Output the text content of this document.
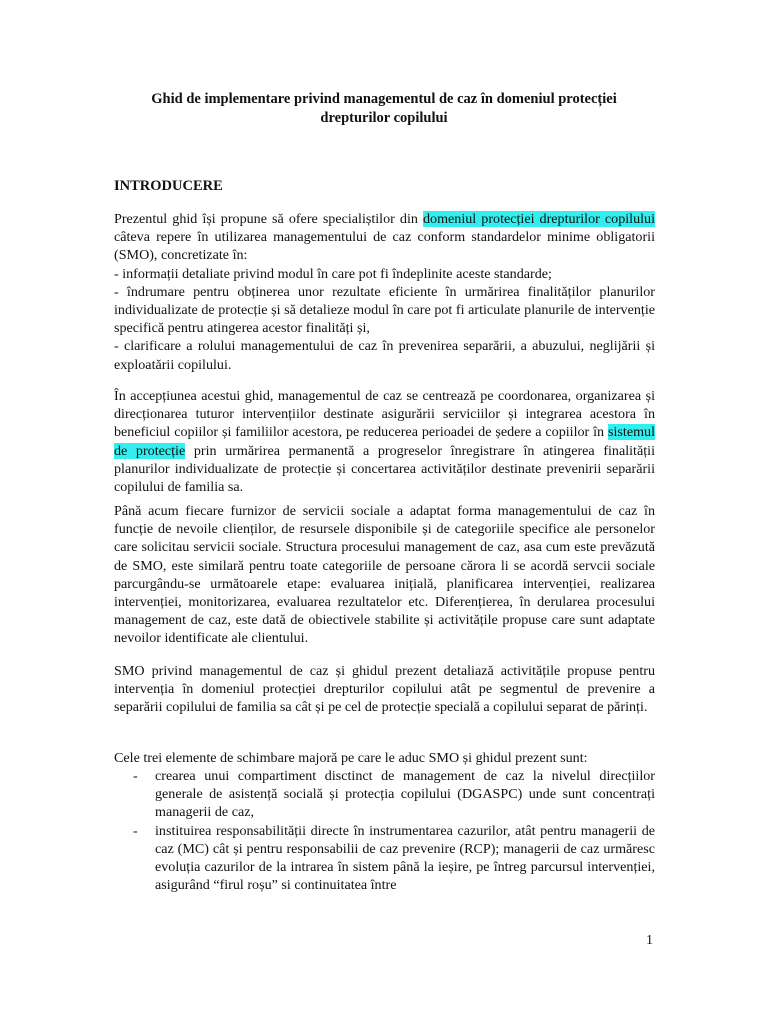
Ghid de implementare privind managementul de caz în domeniul protecției
drepturilor copilului
INTRODUCERE

Prezentul ghid își propune să ofere specialiștilor din domeniul protecției drepturilor copilului câteva repere în utilizarea managementului de caz conform standardelor minime obligatorii (SMO), concretizate în:

- informații detaliate privind modul în care pot fi îndeplinite aceste standarde;

- îndrumare pentru obținerea unor rezultate eficiente în urmărirea finalităților planurilor individualizate de protecție și să detalieze modul în care pot fi articulate planurile de intervenție specifică pentru atingerea acestor finalități și,

- clarificare a rolului managementului de caz în prevenirea separării, a abuzului, neglijării și exploatării copilului.

În accepțiunea acestui ghid, managementul de caz se centrează pe coordonarea, organizarea și direcționarea tuturor intervențiilor destinate asigurării serviciilor și integrarea acestora în beneficiul copiilor și familiilor acestora, pe reducerea perioadei de ședere a copiilor în sistemul de protecție prin urmărirea permanentă a progreselor înregistrare în atingerea finalității planurilor individualizate de protecție și concertarea activităților destinate prevenirii separării copilului de familia sa.

Până acum fiecare furnizor de servicii sociale a adaptat forma managementului de caz în funcție de nevoile clienților, de resursele disponibile și de categoriile specifice ale personelor care solicitau servicii sociale. Structura procesului management de caz, asa cum este prevăzută de SMO, este similară pentru toate categoriile de persoane cărora li se acordă servcii sociale parcurgându-se următoarele etape: evaluarea inițială, planificarea intervenției, realizarea intervenției, monitorizarea, evaluarea rezultatelor etc. Diferențierea, în derularea procesului management de caz, este dată de obiectivele stabilite și activitățile propuse care sunt adaptate nevoilor identificate ale clientului.
SMO privind managementul de caz și ghidul prezent detaliază activitățile propuse pentru intervenția în domeniul protecției drepturilor copilului atât pe segmentul de prevenire a separării copilului de familia sa cât și pe cel de protecție specială a copilului separat de părinți.
Cele trei elemente de schimbare majoră pe care le aduc SMO și ghidul prezent sunt:
- crearea unui compartiment disctinct de management de caz la nivelul direcțiilor generale de asistență socială și protecția copilului (DGASPC) unde sunt concentrați managerii de caz,
- instituirea responsabilității directe în instrumentarea cazurilor, atât pentru managerii de caz (MC) cât și pentru responsabilii de caz prevenire (RCP); managerii de caz urmăresc evoluția cazurilor de la intrarea în sistem până la ieșire, pe întreg parcursul intervenției, asigurând “firul roșu” si continuitatea între
1
